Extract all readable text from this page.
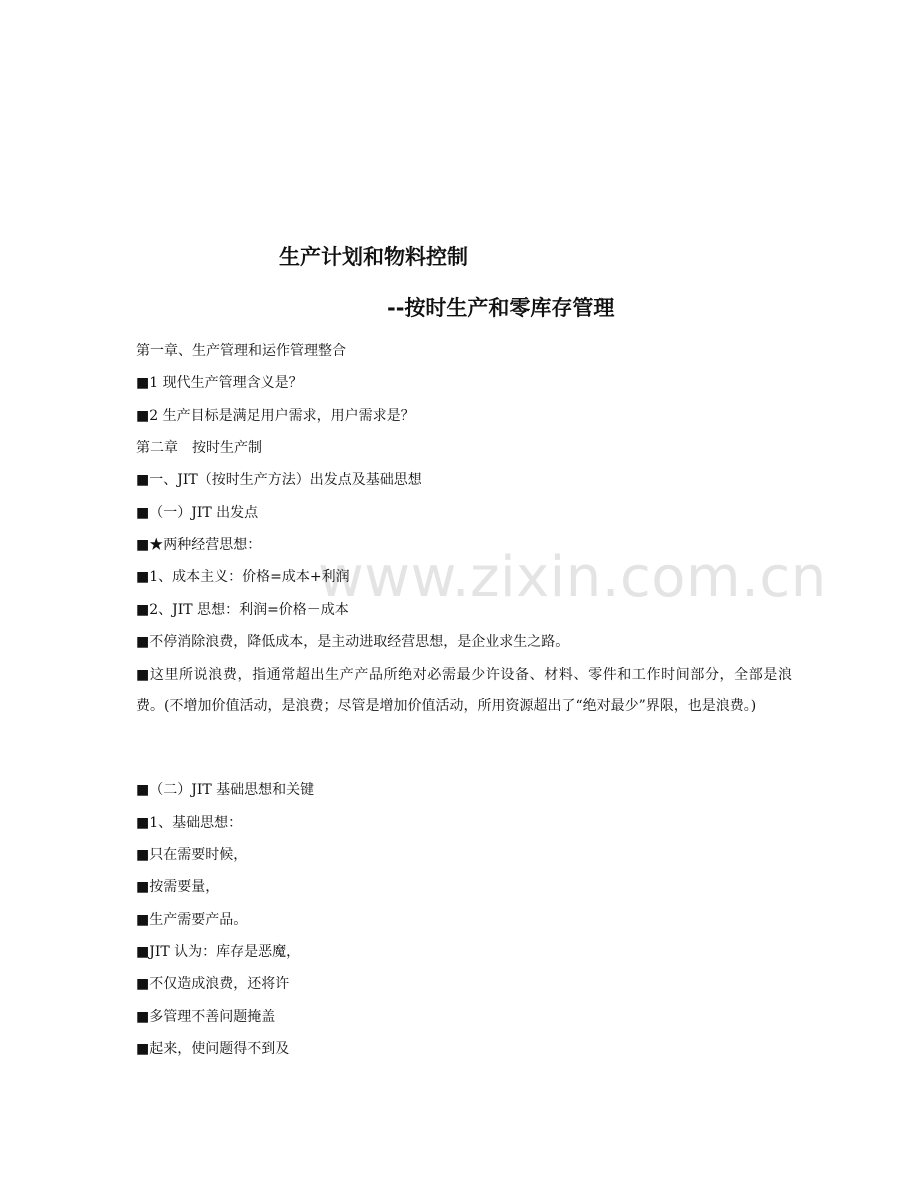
生产计划和物料控制
--按时生产和零库存管理
www.zixin.com.cn
第一章、生产管理和运作管理整合
■1 现代生产管理含义是？
■2 生产目标是满足用户需求，用户需求是？
第二章　按时生产制
■一、JIT（按时生产方法）出发点及基础思想
■（一）JIT 出发点
■★两种经营思想：
■1、成本主义：价格=成本+利润
■2、JIT 思想：利润=价格－成本
■不停消除浪费，降低成本，是主动进取经营思想，是企业求生之路。
■这里所说浪费，指通常超出生产产品所绝对必需最少许设备、材料、零件和工作时间部分，全部是浪费。(不增加价值活动，是浪费；尽管是增加价值活动，所用资源超出了“绝对最少”界限，也是浪费。)
■（二）JIT 基础思想和关键
■1、基础思想：
■只在需要时候，
■按需要量，
■生产需要产品。
■JIT 认为：库存是恶魔，
■不仅造成浪费，还将许
■多管理不善问题掩盖
■起来，使问题得不到及
